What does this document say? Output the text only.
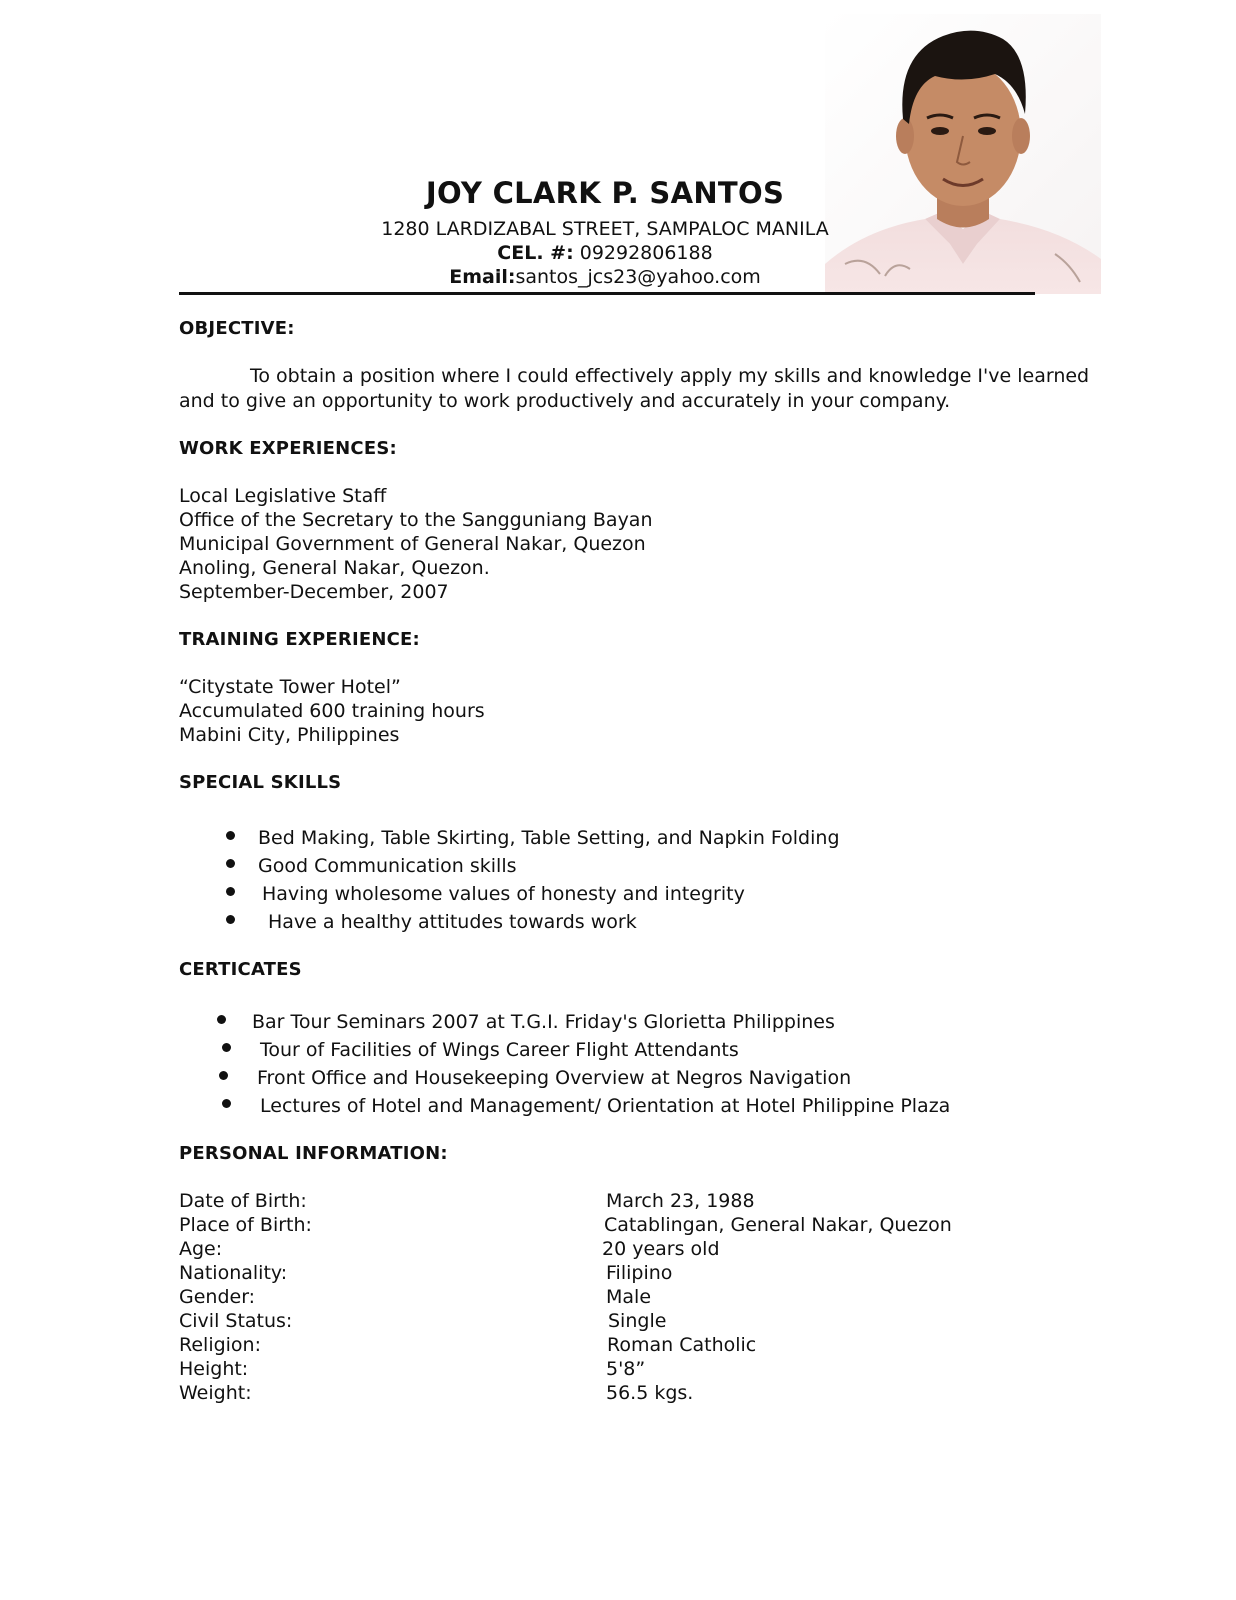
JOY CLARK P. SANTOS
1280 LARDIZABAL STREET, SAMPALOC MANILA
CEL. #: 09292806188
Email:santos_jcs23@yahoo.com
OBJECTIVE:
To obtain a position where I could effectively apply my skills and knowledge I've learned
and to give an opportunity to work productively and accurately in your company.
WORK EXPERIENCES:
Local Legislative Staff
Office of the Secretary to the Sangguniang Bayan
Municipal Government of General Nakar, Quezon
Anoling, General Nakar, Quezon.
September-December, 2007
TRAINING EXPERIENCE:
“Citystate Tower Hotel”
Accumulated 600 training hours
Mabini City, Philippines
SPECIAL SKILLS
Bed Making, Table Skirting, Table Setting, and Napkin Folding
Good Communication skills
Having wholesome values of honesty and integrity
Have a healthy attitudes towards work
CERTICATES
Bar Tour Seminars 2007 at T.G.I. Friday's Glorietta Philippines
Tour of Facilities of Wings Career Flight Attendants
Front Office and Housekeeping Overview at Negros Navigation
Lectures of Hotel and Management/ Orientation at Hotel Philippine Plaza
PERSONAL INFORMATION:
Date of Birth:	March 23, 1988
Place of Birth:	Catablingan, General Nakar, Quezon
Age:	20 years old
Nationality:	Filipino
Gender:	Male
Civil Status:	Single
Religion:	Roman Catholic
Height:	5'8”
Weight:	56.5 kgs.
